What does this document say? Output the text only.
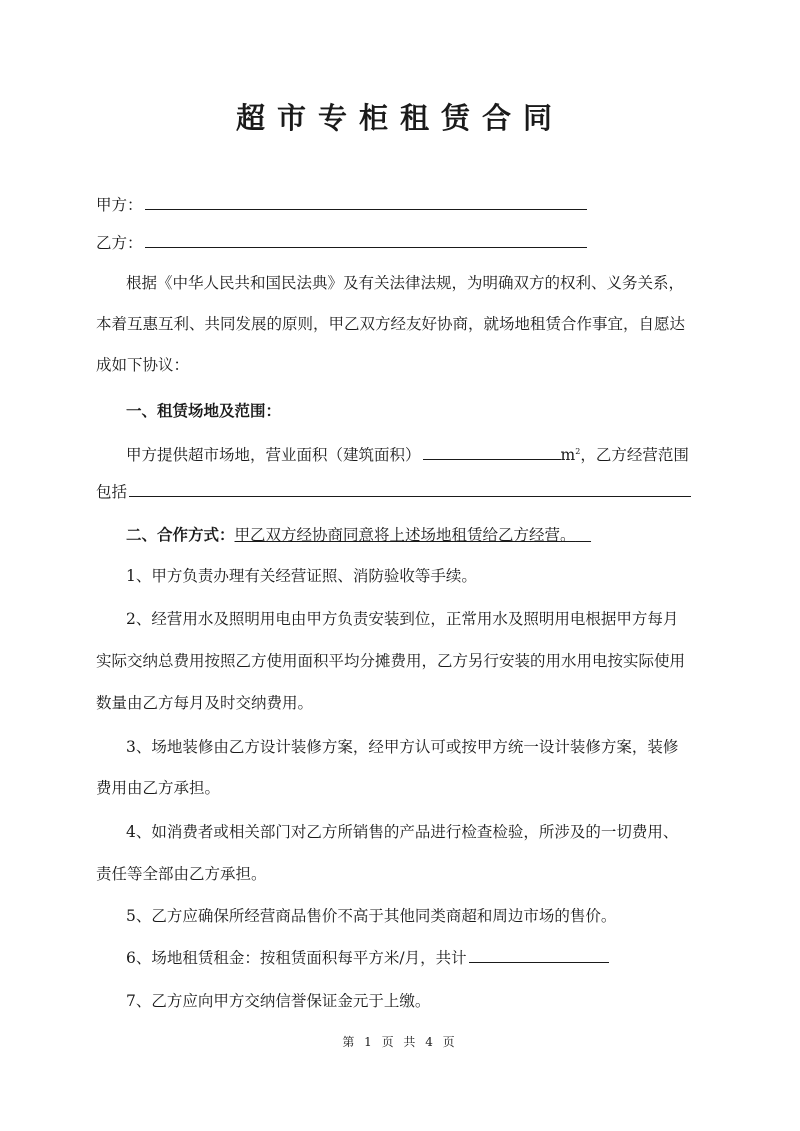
超市专柜租赁合同
甲方：
乙方：
根据《中华人民共和国民法典》及有关法律法规，为明确双方的权利、义务关系，
本着互惠互利、共同发展的原则，甲乙双方经友好协商，就场地租赁合作事宜，自愿达
成如下协议：
一、租赁场地及范围：
甲方提供超市场地，营业面积（建筑面积）	$m^2$，乙方经营范围
包括
二、合作方式：甲乙双方经协商同意将上述场地租赁给乙方经营。 
1、甲方负责办理有关经营证照、消防验收等手续。
2、经营用水及照明用电由甲方负责安装到位，正常用水及照明用电根据甲方每月
实际交纳总费用按照乙方使用面积平均分摊费用，乙方另行安装的用水用电按实际使用
数量由乙方每月及时交纳费用。
3、场地装修由乙方设计装修方案，经甲方认可或按甲方统一设计装修方案，装修
费用由乙方承担。
4、如消费者或相关部门对乙方所销售的产品进行检查检验，所涉及的一切费用、
责任等全部由乙方承担。
5、乙方应确保所经营商品售价不高于其他同类商超和周边市场的售价。
6、场地租赁租金：按租赁面积每平方米/月，共计
7、乙方应向甲方交纳信誉保证金元于上缴。
第 1 页 共 4 页
